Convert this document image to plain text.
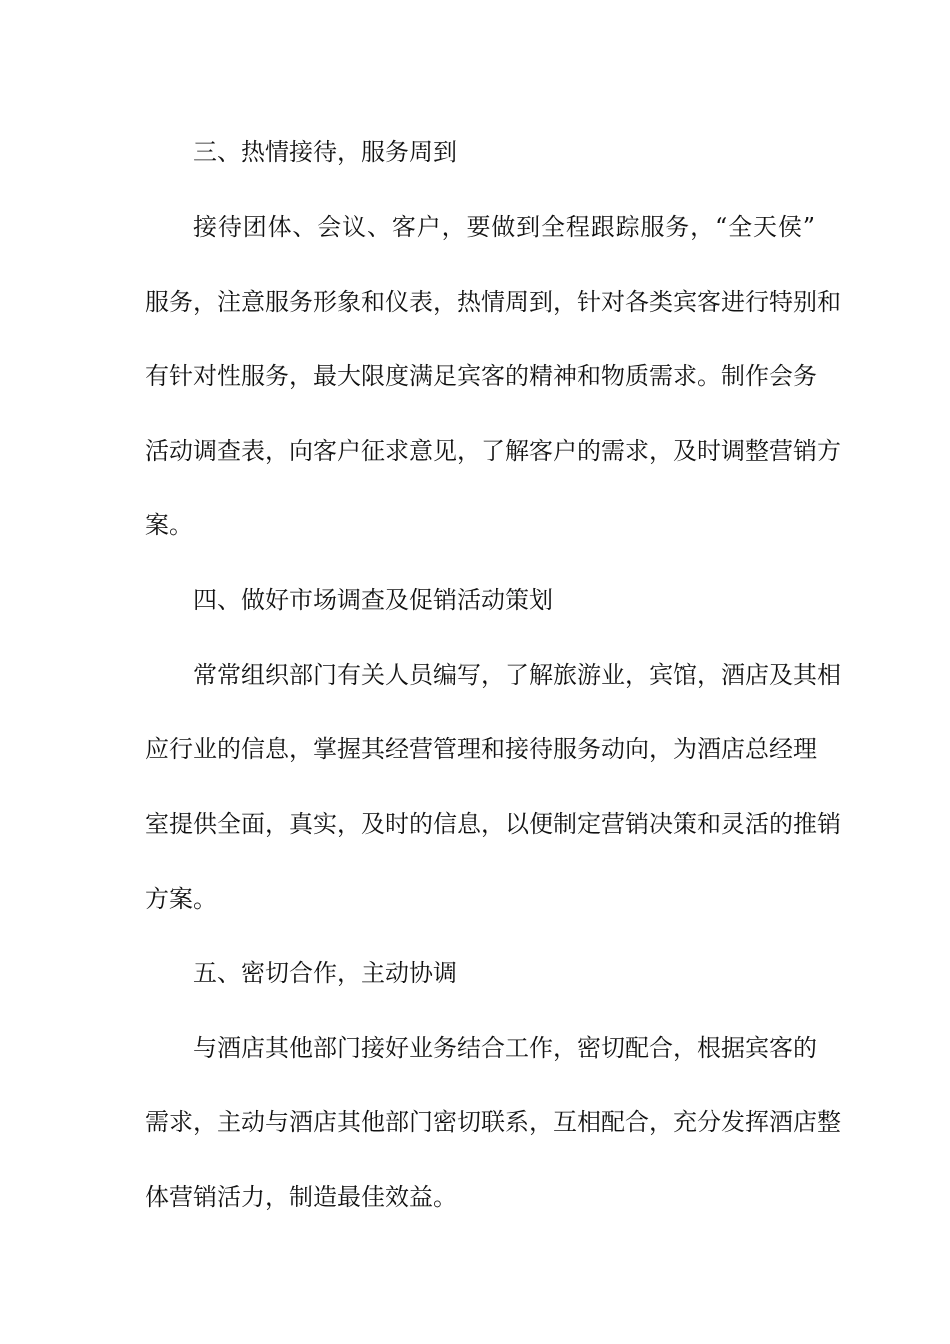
三、热情接待，服务周到
接待团体、会议、客户，要做到全程跟踪服务，“全天侯”
服务，注意服务形象和仪表，热情周到，针对各类宾客进行特别和
有针对性服务，最大限度满足宾客的精神和物质需求。制作会务
活动调查表，向客户征求意见，了解客户的需求，及时调整营销方
案。
四、做好市场调查及促销活动策划
常常组织部门有关人员编写，了解旅游业，宾馆，酒店及其相
应行业的信息，掌握其经营管理和接待服务动向，为酒店总经理
室提供全面，真实，及时的信息，以便制定营销决策和灵活的推销
方案。
五、密切合作，主动协调
与酒店其他部门接好业务结合工作，密切配合，根据宾客的
需求，主动与酒店其他部门密切联系，互相配合，充分发挥酒店整
体营销活力，制造最佳效益。
